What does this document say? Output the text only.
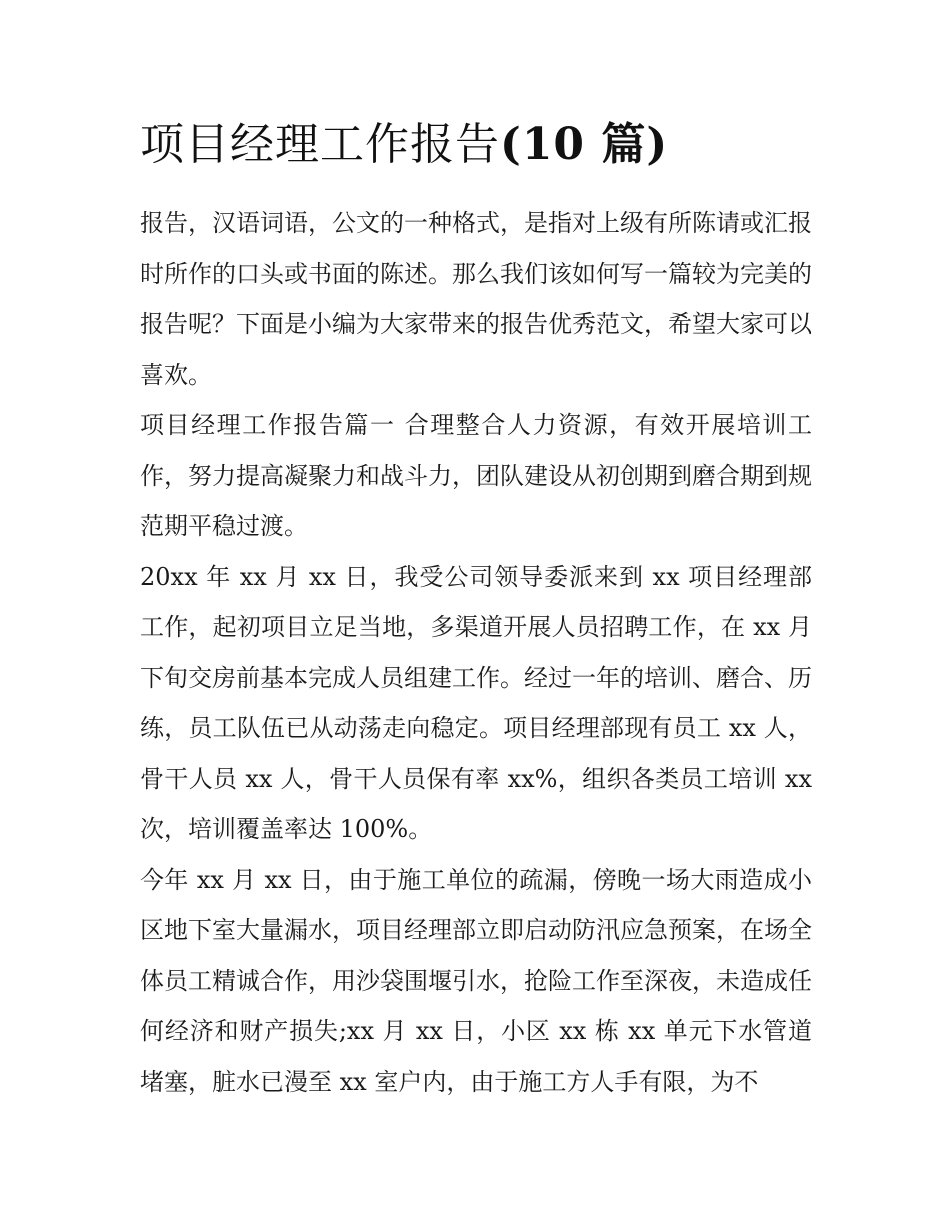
项目经理工作报告(10 篇)

报告，汉语词语，公文的一种格式，是指对上级有所陈请或汇报时所作的口头或书面的陈述。那么我们该如何写一篇较为完美的报告呢？下面是小编为大家带来的报告优秀范文，希望大家可以喜欢。

项目经理工作报告篇一 合理整合人力资源，有效开展培训工作，努力提高凝聚力和战斗力，团队建设从初创期到磨合期到规范期平稳过渡。

20xx 年 xx 月 xx 日，我受公司领导委派来到 xx 项目经理部工作，起初项目立足当地，多渠道开展人员招聘工作，在 xx 月下旬交房前基本完成人员组建工作。经过一年的培训、磨合、历练，员工队伍已从动荡走向稳定。项目经理部现有员工 xx 人，骨干人员 xx 人，骨干人员保有率 xx%，组织各类员工培训 xx 次，培训覆盖率达 100%。

今年 xx 月 xx 日，由于施工单位的疏漏，傍晚一场大雨造成小区地下室大量漏水，项目经理部立即启动防汛应急预案，在场全体员工精诚合作，用沙袋围堰引水，抢险工作至深夜，未造成任何经济和财产损失;xx 月 xx 日，小区 xx 栋 xx 单元下水管道堵塞，脏水已漫至 xx 室户内，由于施工方人手有限，为不
